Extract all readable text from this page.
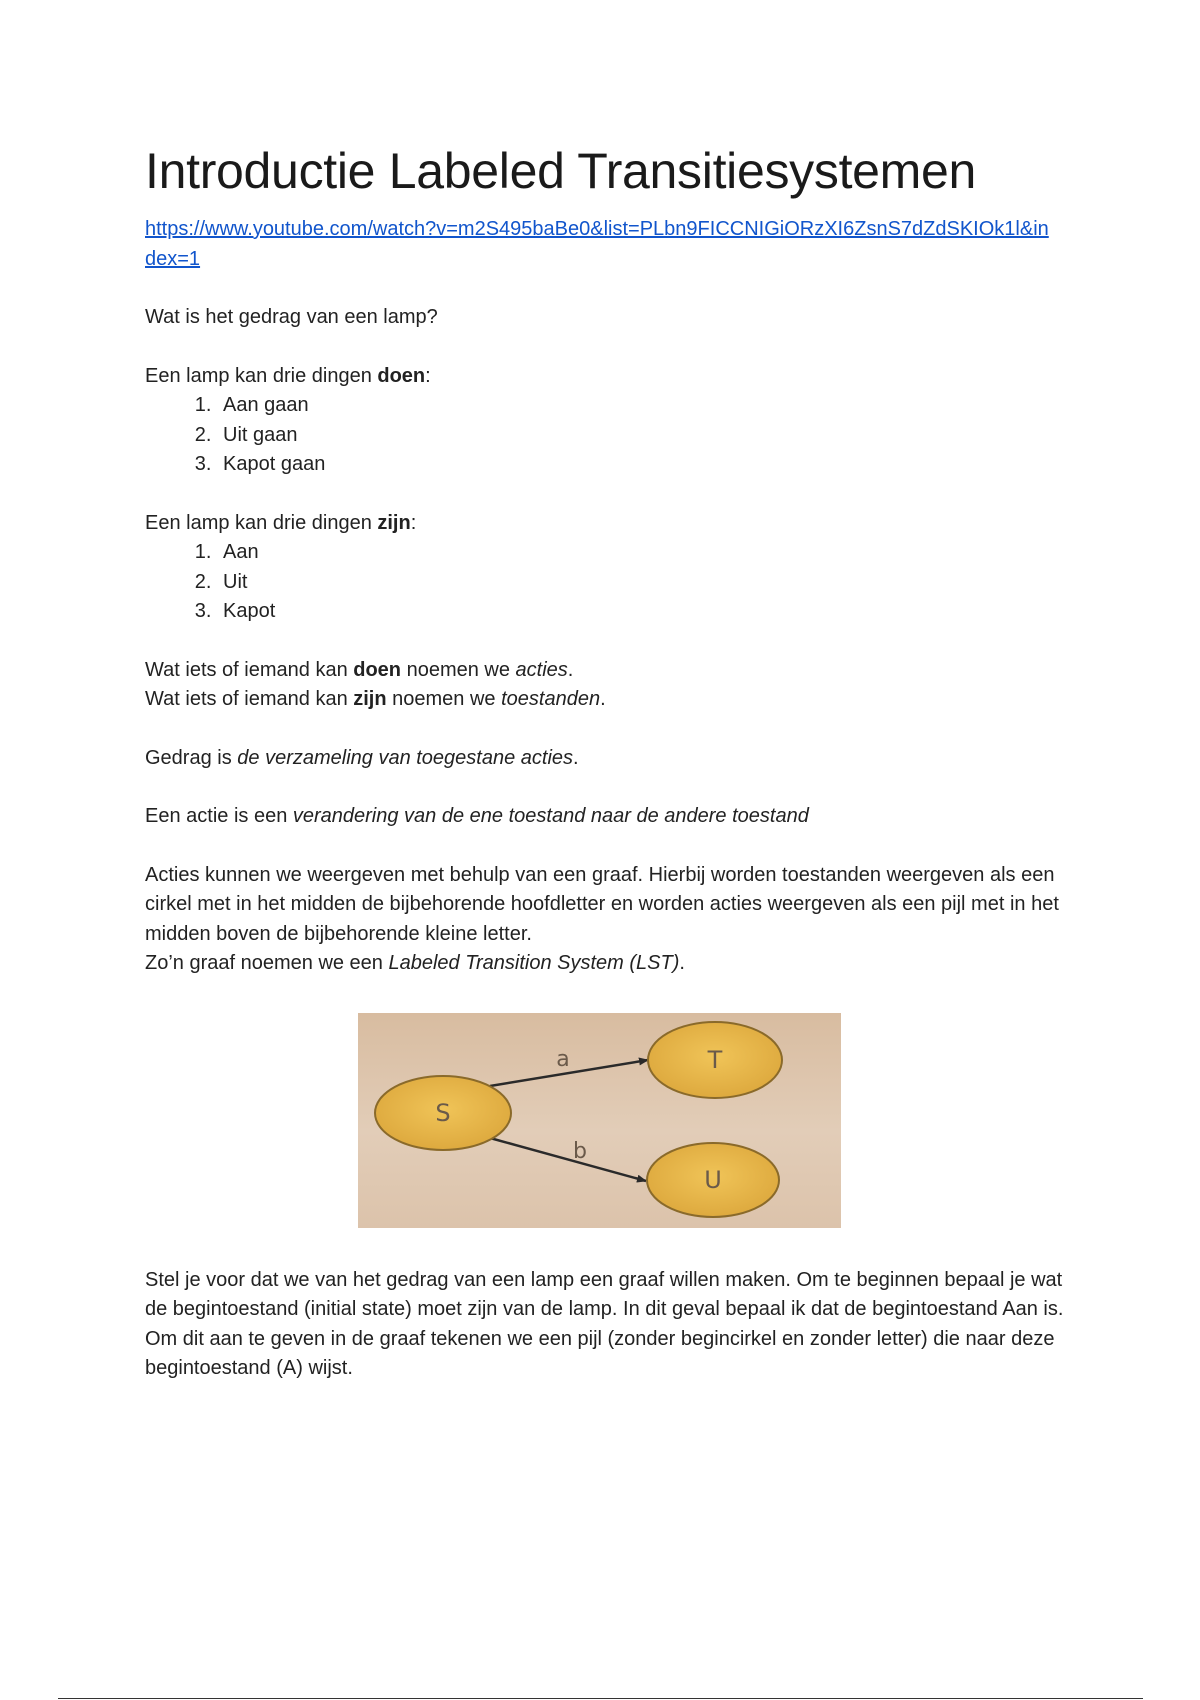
Introductie Labeled Transitiesystemen
https://www.youtube.com/watch?v=m2S495baBe0&list=PLbn9FICCNIGiORzXI6ZsnS7dZdSKIOk1l&index=1

Wat is het gedrag van een lamp?

Een lamp kan drie dingen doen:

1. Aan gaan
2. Uit gaan
3. Kapot gaan

Een lamp kan drie dingen zijn:

1. Aan
2. Uit
3. Kapot

Wat iets of iemand kan doen noemen we acties.

Wat iets of iemand kan zijn noemen we toestanden.

Gedrag is de verzameling van toegestane acties.

Een actie is een verandering van de ene toestand naar de andere toestand

Acties kunnen we weergeven met behulp van een graaf. Hierbij worden toestanden weergeven als een cirkel met in het midden de bijbehorende hoofdletter en worden acties weergeven als een pijl met in het midden boven de bijbehorende kleine letter.

Zo’n graaf noemen we een Labeled Transition System (LST).

S
T
U
a
b

Stel je voor dat we van het gedrag van een lamp een graaf willen maken. Om te beginnen bepaal je wat de begintoestand (initial state) moet zijn van de lamp. In dit geval bepaal ik dat de begintoestand Aan is. Om dit aan te geven in de graaf tekenen we een pijl (zonder begincirkel en zonder letter) die naar deze begintoestand (A) wijst.
